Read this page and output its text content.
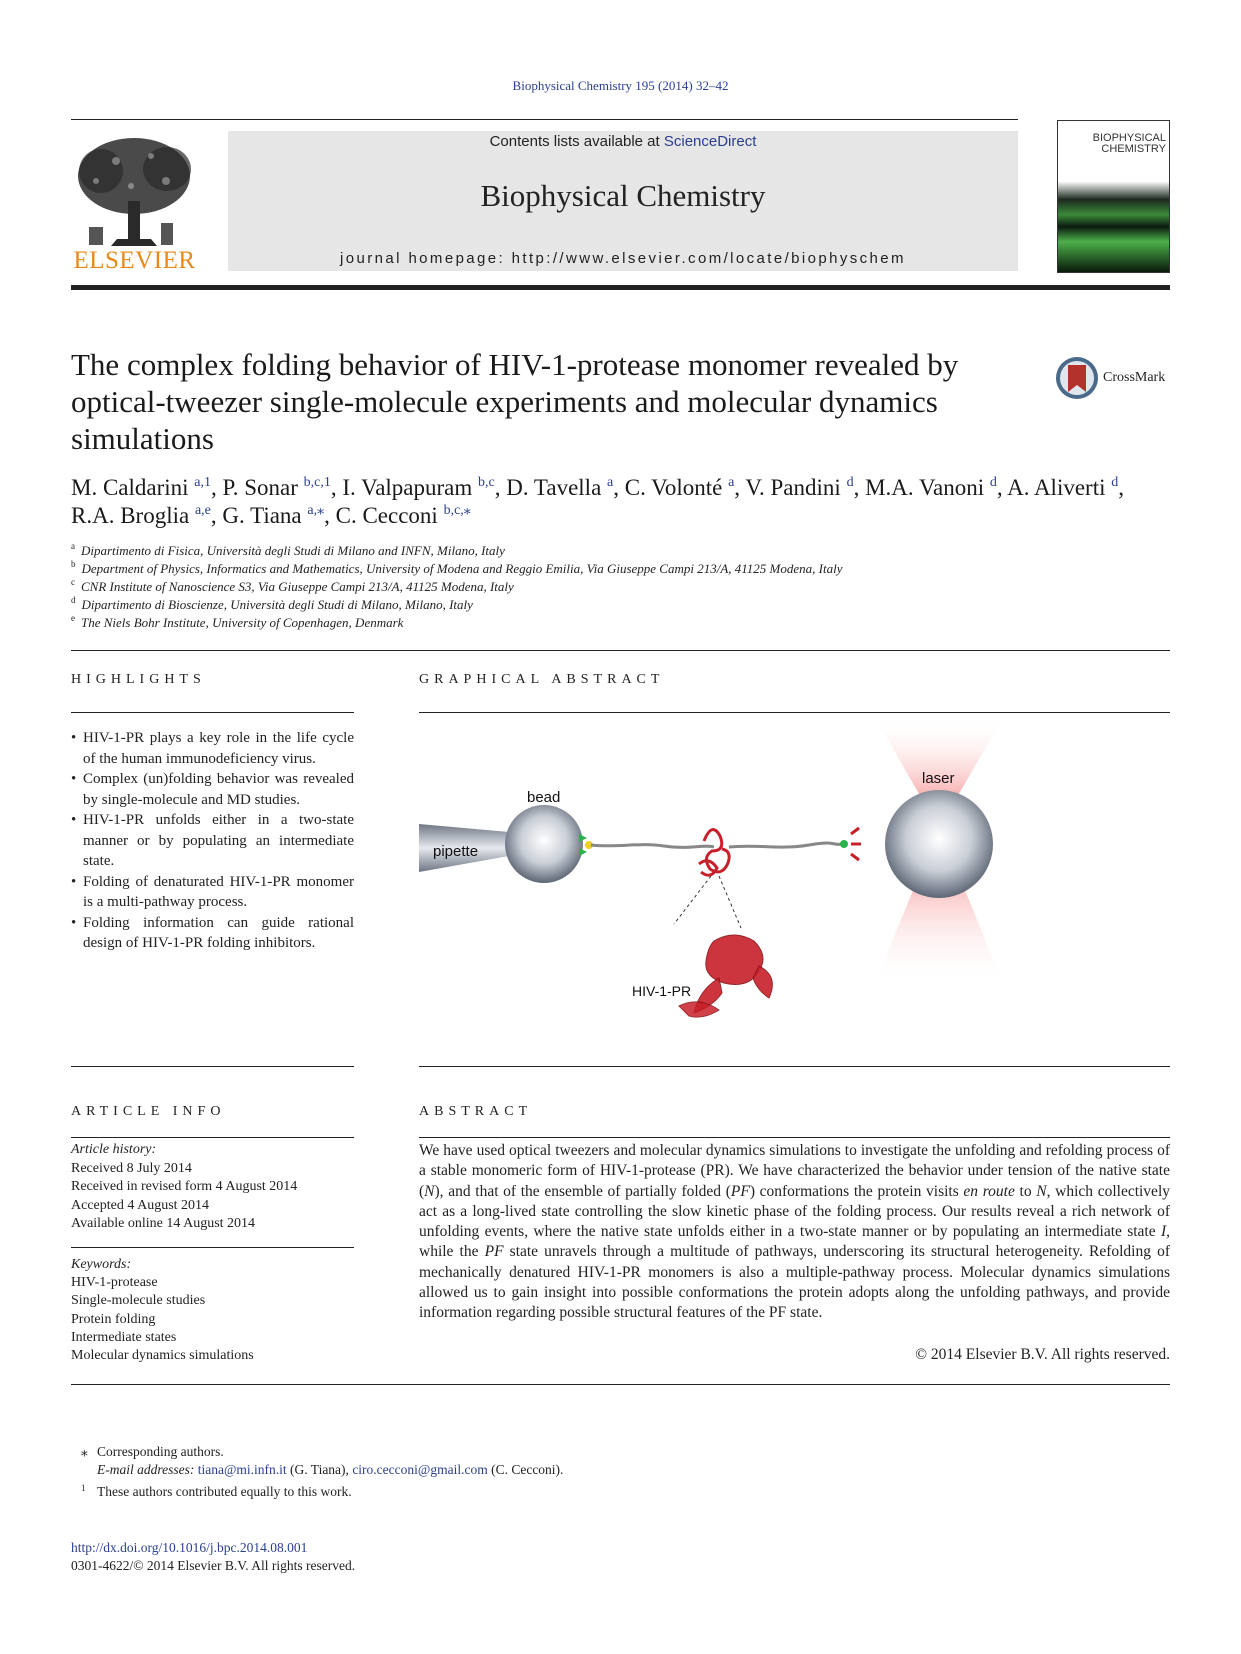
Biophysical Chemistry 195 (2014) 32–42
ELSEVIER
Contents lists available at ScienceDirect
Biophysical Chemistry
journal homepage: http://www.elsevier.com/locate/biophyschem
BIOPHYSICAL
CHEMISTRY
The complex folding behavior of HIV-1-protease monomer revealed by optical-tweezer single-molecule experiments and molecular dynamics simulations
CrossMark
M. Caldarini $^{a,1}$, P. Sonar $^{b,c,1}$, I. Valpapuram $^{b,c}$, D. Tavella $^a$, C. Volonté $^a$, V. Pandini $^d$, M.A. Vanoni $^d$, A. Aliverti $^d$,
R.A. Broglia $^{a,e}$, G. Tiana $^{a,⁎}$, C. Cecconi $^{b,c,⁎}$
$^a$ Dipartimento di Fisica, Università degli Studi di Milano and INFN, Milano, Italy
$^b$ Department of Physics, Informatics and Mathematics, University of Modena and Reggio Emilia, Via Giuseppe Campi 213/A, 41125 Modena, Italy
$^c$ CNR Institute of Nanoscience S3, Via Giuseppe Campi 213/A, 41125 Modena, Italy
$^d$ Dipartimento di Bioscienze, Università degli Studi di Milano, Milano, Italy
$^e$ The Niels Bohr Institute, University of Copenhagen, Denmark
HIGHLIGHTS
• HIV-1-PR plays a key role in the life cycle of the human immunodeficiency virus.
• Complex (un)folding behavior was revealed by single-molecule and MD studies.
• HIV-1-PR unfolds either in a two-state manner or by populating an intermediate state.
• Folding of denaturated HIV-1-PR monomer is a multi-pathway process.
• Folding information can guide rational design of HIV-1-PR folding inhibitors.
GRAPHICAL ABSTRACT
pipette
bead
HIV-1-PR
laser
ARTICLE INFO
Article history:
Received 8 July 2014
Received in revised form 4 August 2014
Accepted 4 August 2014
Available online 14 August 2014
Keywords:
HIV-1-protease
Single-molecule studies
Protein folding
Intermediate states
Molecular dynamics simulations
ABSTRACT
We have used optical tweezers and molecular dynamics simulations to investigate the unfolding and refolding process of a stable monomeric form of HIV-1-protease (PR). We have characterized the behavior under tension of the native state (N), and that of the ensemble of partially folded (PF) conformations the protein visits en route to N, which collectively act as a long-lived state controlling the slow kinetic phase of the folding process. Our results reveal a rich network of unfolding events, where the native state unfolds either in a two-state manner or by populating an intermediate state I, while the PF state unravels through a multitude of pathways, underscoring its structural heterogeneity. Refolding of mechanically denatured HIV-1-PR monomers is also a multiple-pathway process. Molecular dynamics simulations allowed us to gain insight into possible conformations the protein adopts along the unfolding pathways, and provide information regarding possible structural features of the PF state.
© 2014 Elsevier B.V. All rights reserved.
⁎ Corresponding authors.
E-mail addresses: tiana@mi.infn.it (G. Tiana), ciro.cecconi@gmail.com (C. Cecconi).
1 These authors contributed equally to this work.
http://dx.doi.org/10.1016/j.bpc.2014.08.001
0301-4622/© 2014 Elsevier B.V. All rights reserved.
